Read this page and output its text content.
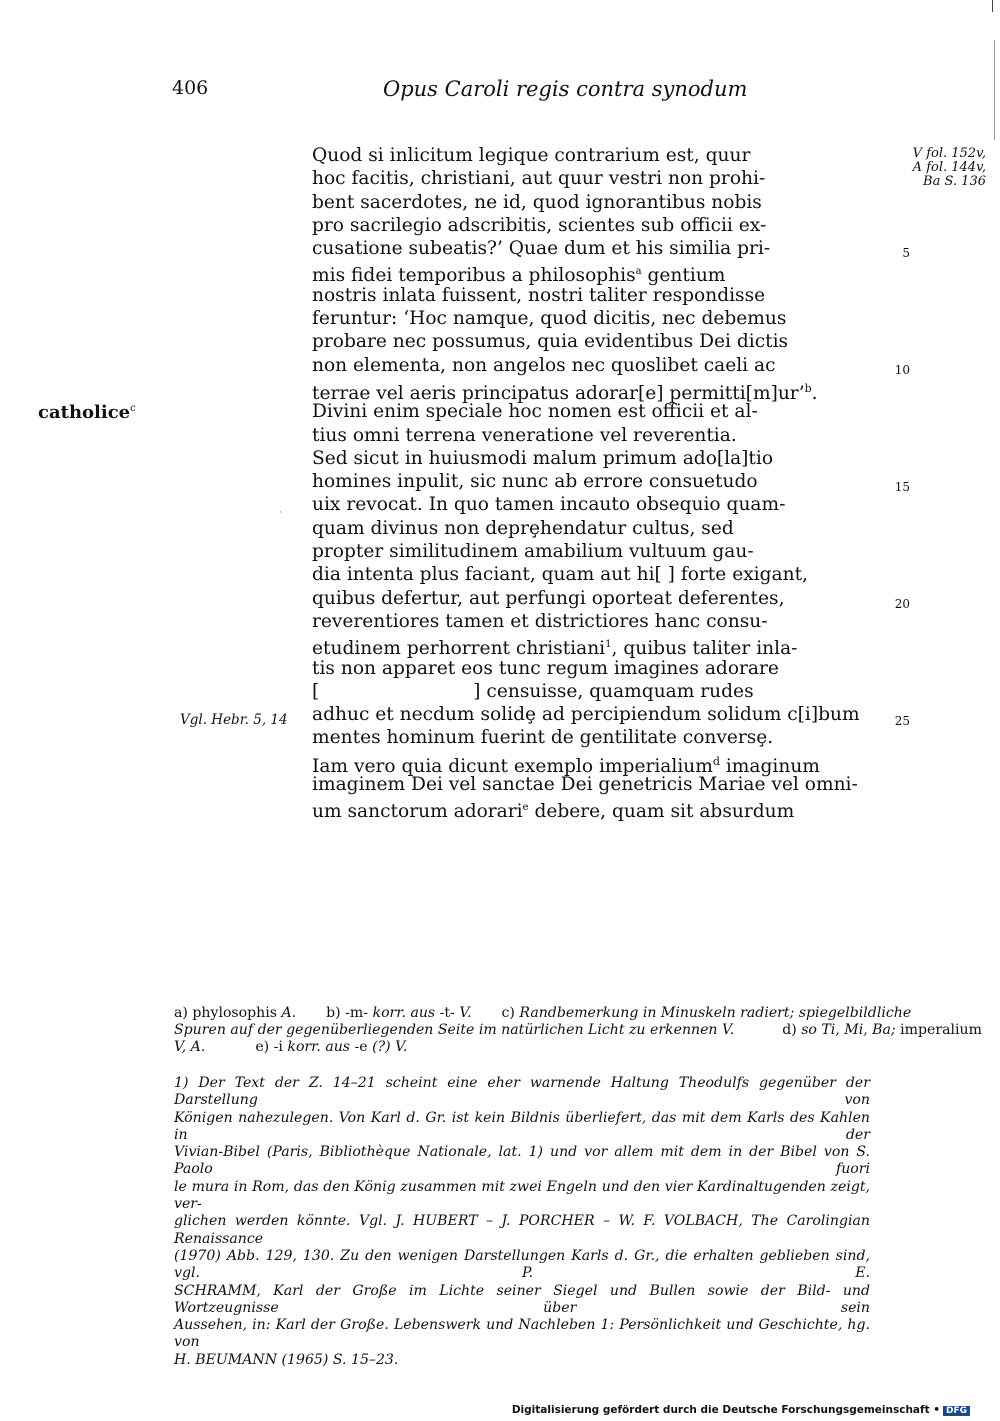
406	Opus Caroli regis contra synodum
V fol. 152v,
A fol. 144v,
Ba S. 136
catholice$^c$
`
Vgl. Hebr. 5, 14
5
10
15
20
25
Quod si inlicitum legique contrarium est, quur
hoc facitis, christiani, aut quur vestri non prohi-
bent sacerdotes, ne id, quod ignorantibus nobis
pro sacrilegio adscribitis, scientes sub officii ex-
cusatione subeatis?’ Quae dum et his similia pri-
mis fidei temporibus a philosophis$^a$ gentium
nostris inlata fuissent, nostri taliter respondisse
feruntur: ‘Hoc namque, quod dicitis, nec debemus
probare nec possumus, quia evidentibus Dei dictis
non elementa, non angelos nec quoslibet caeli ac
terrae vel aeris principatus adorar[e] permitti[m]ur’$^b$.
Divini enim speciale hoc nomen est officii et al-
tius omni terrena veneratione vel reverentia.
Sed sicut in huiusmodi malum primum ado[la]tio
homines inpulit, sic nunc ab errore consuetudo
uix revocat. In quo tamen incauto obsequio quam-
quam divinus non deprȩhendatur cultus, sed
propter similitudinem amabilium vultuum gau-
dia intenta plus faciant, quam aut hi[ ] forte exigant,
quibus defertur, aut perfungi oporteat deferentes,
reverentiores tamen et districtiores hanc consu-
etudinem perhorrent christiani$^1$, quibus taliter inla-
tis non apparet eos tunc regum imagines adorare
[	] censuisse, quamquam rudes
adhuc et necdum solidȩ ad percipiendum solidum c[i]bum
mentes hominum fuerint de gentilitate conversȩ.
Iam vero quia dicunt exemplo imperialium$^d$ imaginum
imaginem Dei vel sanctae Dei genetricis Mariae vel omni-
um sanctorum adorari$^e$ debere, quam sit absurdum
a) phylosophis A. b) -m- korr. aus -t- V. c) Randbemerkung in Minuskeln radiert; spiegelbildliche
Spuren auf der gegenüberliegenden Seite im natürlichen Licht zu erkennen V.	d) so Ti, Mi, Ba; imperalium
V, A.	e) -i korr. aus -e (?) V.
1) Der Text der Z. 14–21 scheint eine eher warnende Haltung Theodulfs gegenüber der Darstellung von
Königen nahezulegen. Von Karl d. Gr. ist kein Bildnis überliefert, das mit dem Karls des Kahlen in der
Vivian-Bibel (Paris, Bibliothèque Nationale, lat. 1) und vor allem mit dem in der Bibel von S. Paolo fuori
le mura in Rom, das den König zusammen mit zwei Engeln und den vier Kardinaltugenden zeigt, ver-
glichen werden könnte. Vgl. J. HUBERT – J. PORCHER – W. F. VOLBACH, The Carolingian Renaissance
(1970) Abb. 129, 130. Zu den wenigen Darstellungen Karls d. Gr., die erhalten geblieben sind, vgl. P. E.
SCHRAMM, Karl der Große im Lichte seiner Siegel und Bullen sowie der Bild- und Wortzeugnisse über sein
Aussehen, in: Karl der Große. Lebenswerk und Nachleben 1: Persönlichkeit und Geschichte, hg. von
H. BEUMANN (1965) S. 15–23.
Digitalisierung gefördert durch die Deutsche Forschungsgemeinschaft • DFG
